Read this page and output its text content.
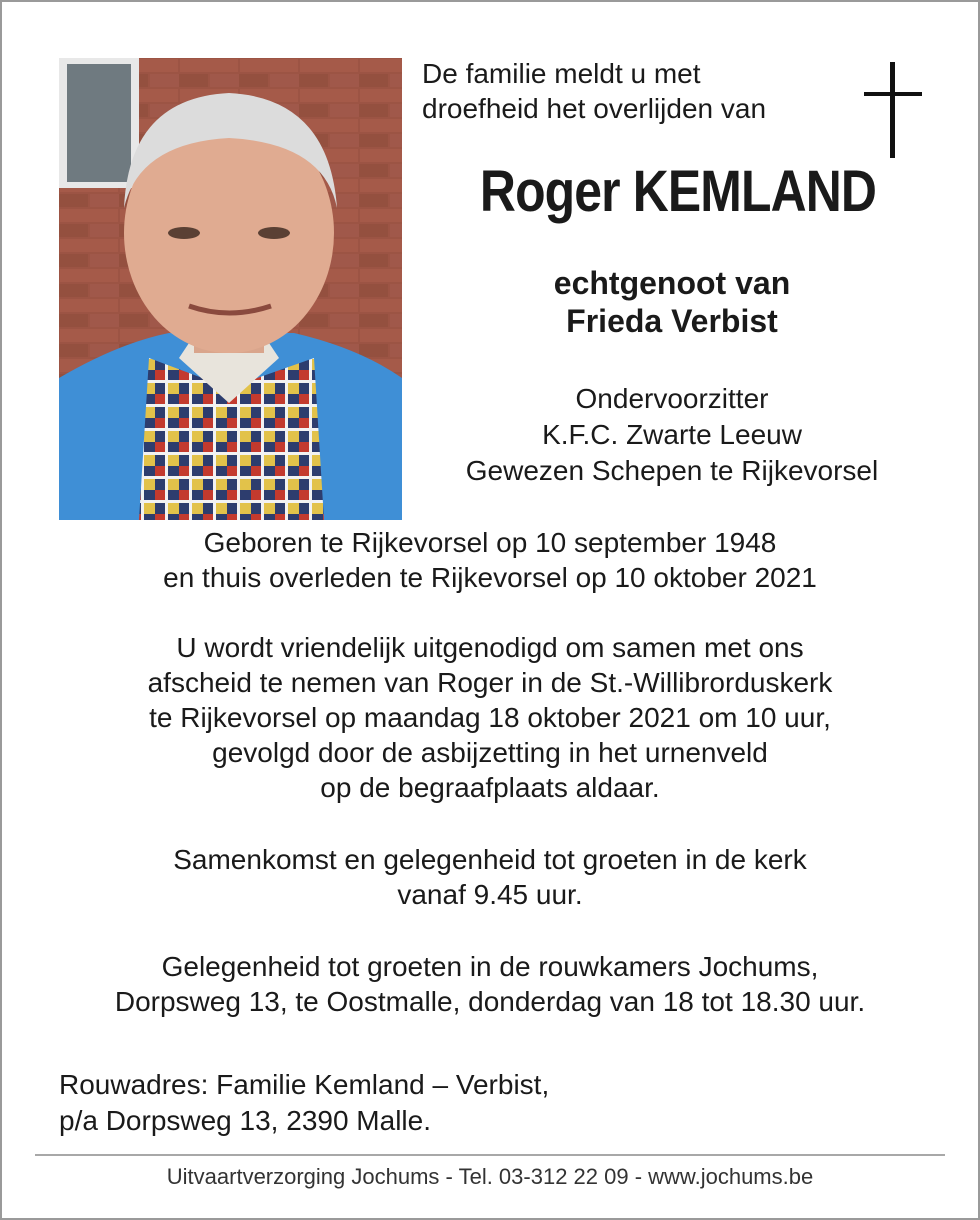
De familie meldt u met
droefheid het overlijden van
Roger KEMLAND
echtgenoot van
Frieda Verbist
Ondervoorzitter
K.F.C. Zwarte Leeuw
Gewezen Schepen te Rijkevorsel
Geboren te Rijkevorsel op 10 september 1948
en thuis overleden te Rijkevorsel op 10 oktober 2021
U wordt vriendelijk uitgenodigd om samen met ons
afscheid te nemen van Roger in de St.-Willibrorduskerk
te Rijkevorsel op maandag 18 oktober 2021 om 10 uur,
gevolgd door de asbijzetting in het urnenveld
op de begraafplaats aldaar.
Samenkomst en gelegenheid tot groeten in de kerk
vanaf 9.45 uur.
Gelegenheid tot groeten in de rouwkamers Jochums,
Dorpsweg 13, te Oostmalle, donderdag van 18 tot 18.30 uur.
Rouwadres: Familie Kemland – Verbist,
p/a Dorpsweg 13, 2390 Malle.
Uitvaartverzorging Jochums - Tel. 03-312 22 09 - www.jochums.be
